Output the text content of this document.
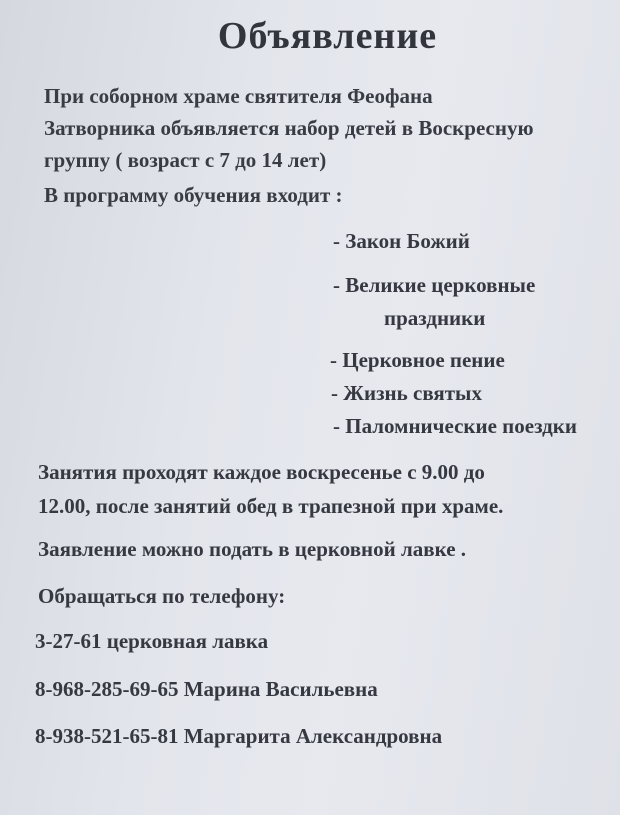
Объявление
При соборном храме святителя Феофана
Затворника объявляется набор детей в Воскресную
группу ( возраст с 7 до 14 лет)
В программу обучения входит :
- Закон Божий
- Великие церковные
праздники
- Церковное пение
- Жизнь святых
- Паломнические поездки
Занятия проходят каждое воскресенье с 9.00 до
12.00, после занятий обед в трапезной при храме.
Заявление можно подать в церковной лавке .
Обращаться по телефону:
3-27-61 церковная лавка
8-968-285-69-65 Марина Васильевна
8-938-521-65-81 Маргарита Александровна
